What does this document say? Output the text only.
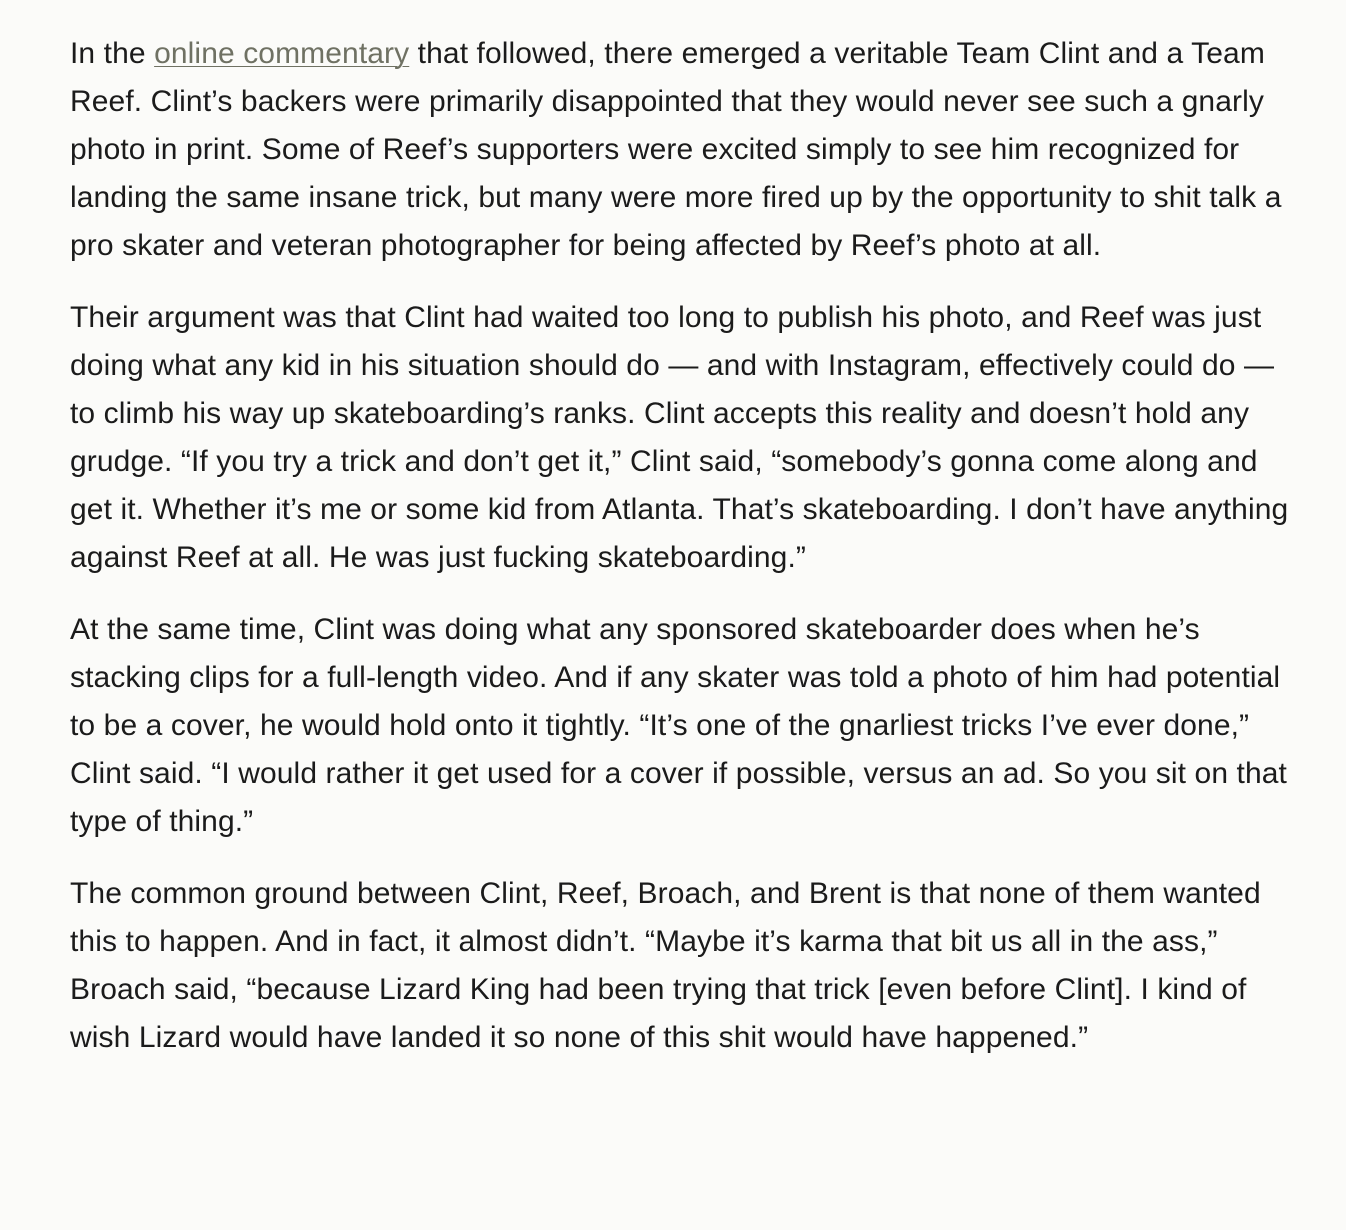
In the online commentary that followed, there emerged a veritable Team Clint and a Team Reef. Clint’s backers were primarily disappointed that they would never see such a gnarly photo in print. Some of Reef’s supporters were excited simply to see him recognized for landing the same insane trick, but many were more fired up by the opportunity to shit talk a pro skater and veteran photographer for being affected by Reef’s photo at all.

Their argument was that Clint had waited too long to publish his photo, and Reef was just doing what any kid in his situation should do — and with Instagram, effectively could do — to climb his way up skateboarding’s ranks. Clint accepts this reality and doesn’t hold any grudge. “If you try a trick and don’t get it,” Clint said, “somebody’s gonna come along and get it. Whether it’s me or some kid from Atlanta. That’s skateboarding. I don’t have anything against Reef at all. He was just fucking skateboarding.”

At the same time, Clint was doing what any sponsored skateboarder does when he’s stacking clips for a full-length video. And if any skater was told a photo of him had potential to be a cover, he would hold onto it tightly. “It’s one of the gnarliest tricks I’ve ever done,” Clint said. “I would rather it get used for a cover if possible, versus an ad. So you sit on that type of thing.”

The common ground between Clint, Reef, Broach, and Brent is that none of them wanted this to happen. And in fact, it almost didn’t. “Maybe it’s karma that bit us all in the ass,” Broach said, “because Lizard King had been trying that trick [even before Clint]. I kind of wish Lizard would have landed it so none of this shit would have happened.”
